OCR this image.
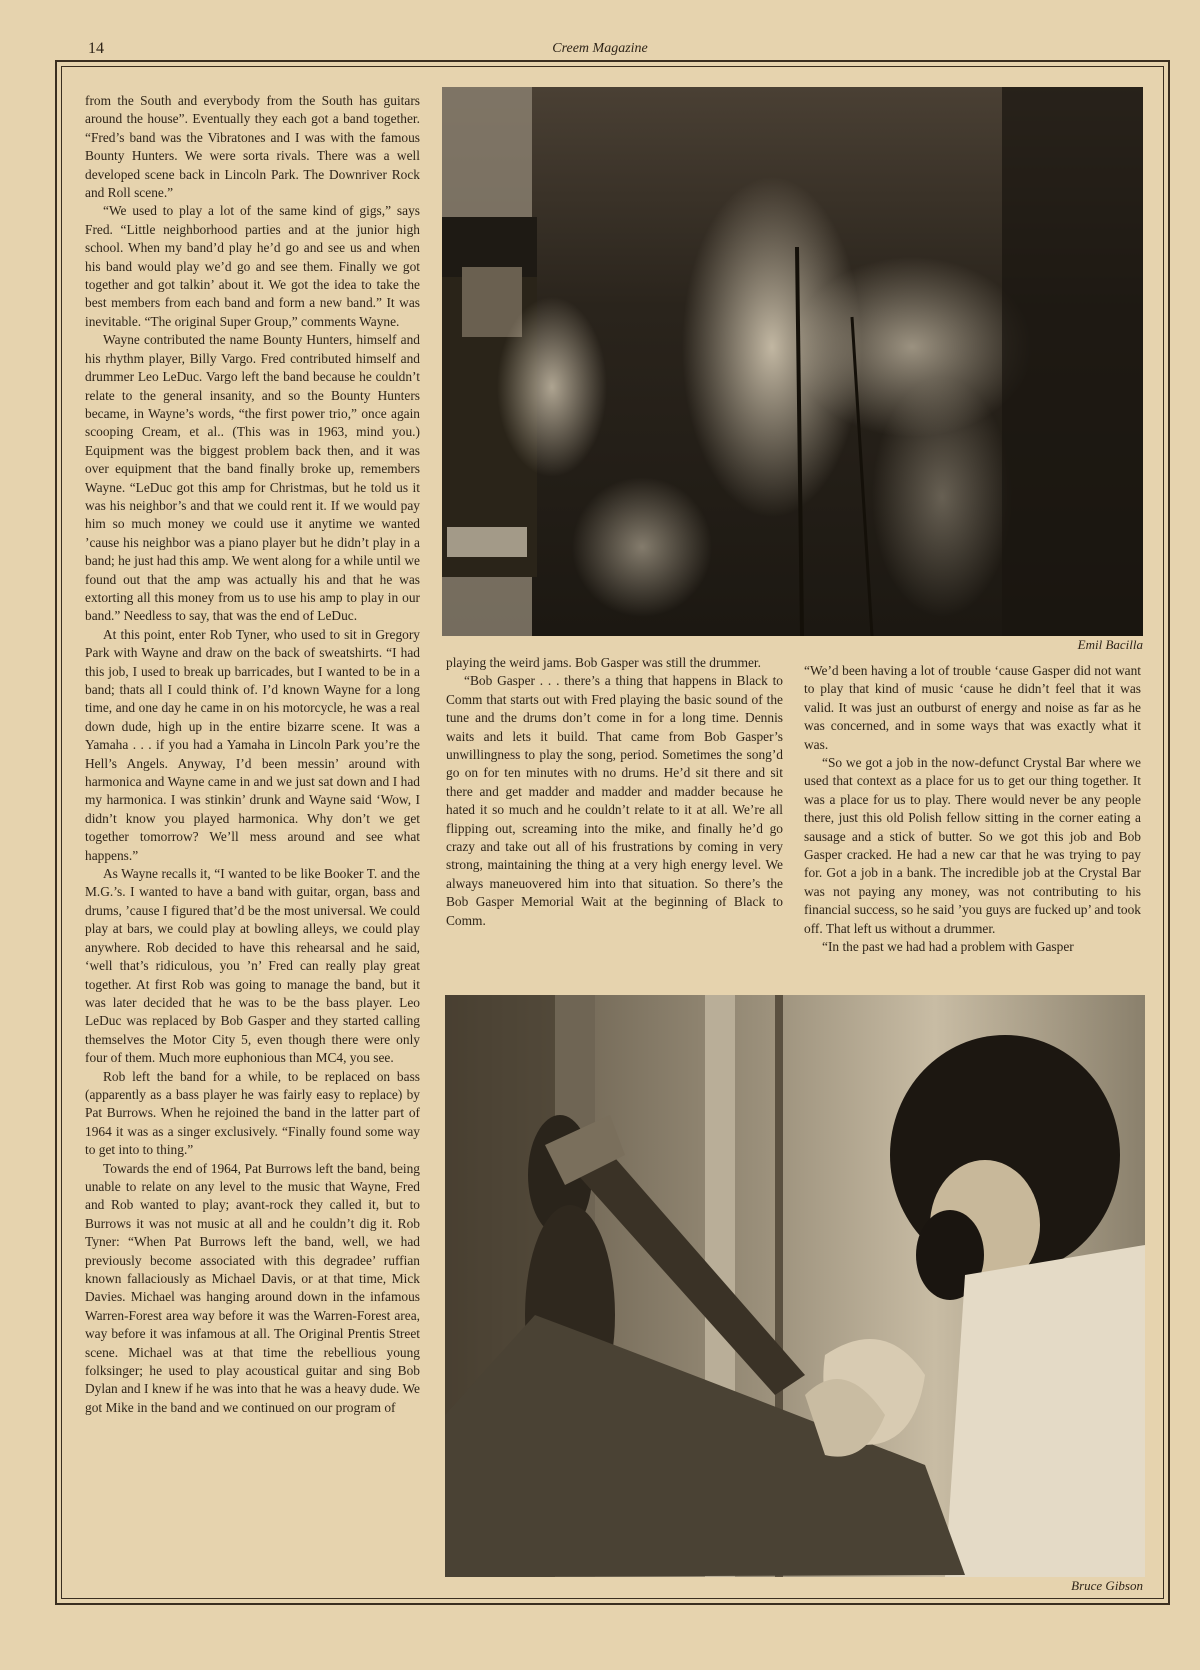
14	Creem Magazine

from the South and everybody from the South has guitars around the house”. Eventually they each got a band together. “Fred’s band was the Vibratones and I was with the famous Bounty Hunters. We were sorta rivals. There was a well developed scene back in Lincoln Park. The Downriver Rock and Roll scene.”

“We used to play a lot of the same kind of gigs,” says Fred. “Little neighborhood parties and at the junior high school. When my band’d play he’d go and see us and when his band would play we’d go and see them. Finally we got together and got talkin’ about it. We got the idea to take the best members from each band and form a new band.” It was inevitable. “The original Super Group,” comments Wayne.

Wayne contributed the name Bounty Hunters, himself and his rhythm player, Billy Vargo. Fred contributed himself and drummer Leo LeDuc. Vargo left the band because he couldn’t relate to the general insanity, and so the Bounty Hunters became, in Wayne’s words, “the first power trio,” once again scooping Cream, et al.. (This was in 1963, mind you.) Equipment was the biggest problem back then, and it was over equipment that the band finally broke up, remembers Wayne. “LeDuc got this amp for Christmas, but he told us it was his neighbor’s and that we could rent it. If we would pay him so much money we could use it anytime we wanted ’cause his neighbor was a piano player but he didn’t play in a band; he just had this amp. We went along for a while until we found out that the amp was actually his and that he was extorting all this money from us to use his amp to play in our band.” Needless to say, that was the end of LeDuc.

At this point, enter Rob Tyner, who used to sit in Gregory Park with Wayne and draw on the back of sweatshirts. “I had this job, I used to break up barricades, but I wanted to be in a band; thats all I could think of. I’d known Wayne for a long time, and one day he came in on his motorcycle, he was a real down dude, high up in the entire bizarre scene. It was a Yamaha . . . if you had a Yamaha in Lincoln Park you’re the Hell’s Angels. Anyway, I’d been messin’ around with harmonica and Wayne came in and we just sat down and I had my harmonica. I was stinkin’ drunk and Wayne said ‘Wow, I didn’t know you played harmonica. Why don’t we get together tomorrow? We’ll mess around and see what happens.”

As Wayne recalls it, “I wanted to be like Booker T. and the M.G.’s. I wanted to have a band with guitar, organ, bass and drums, ’cause I figured that’d be the most universal. We could play at bars, we could play at bowling alleys, we could play anywhere. Rob decided to have this rehearsal and he said, ‘well that’s ridiculous, you ’n’ Fred can really play great together. At first Rob was going to manage the band, but it was later decided that he was to be the bass player. Leo LeDuc was replaced by Bob Gasper and they started calling themselves the Motor City 5, even though there were only four of them. Much more euphonious than MC4, you see.

Rob left the band for a while, to be replaced on bass (apparently as a bass player he was fairly easy to replace) by Pat Burrows. When he rejoined the band in the latter part of 1964 it was as a singer exclusively. “Finally found some way to get into to thing.”

Towards the end of 1964, Pat Burrows left the band, being unable to relate on any level to the music that Wayne, Fred and Rob wanted to play; avant-rock they called it, but to Burrows it was not music at all and he couldn’t dig it. Rob Tyner: “When Pat Burrows left the band, well, we had previously become associated with this degradee’ ruffian known fallaciously as Michael Davis, or at that time, Mick Davies. Michael was hanging around down in the infamous Warren-Forest area way before it was the Warren-Forest area, way before it was infamous at all. The Original Prentis Street scene. Michael was at that time the rebellious young folksinger; he used to play acoustical guitar and sing Bob Dylan and I knew if he was into that he was a heavy dude. We got Mike in the band and we continued on our program of

Emil Bacilla

playing the weird jams. Bob Gasper was still the drummer.

“Bob Gasper . . . there’s a thing that happens in Black to Comm that starts out with Fred playing the basic sound of the tune and the drums don’t come in for a long time. Dennis waits and lets it build. That came from Bob Gasper’s unwillingness to play the song, period. Sometimes the song’d go on for ten minutes with no drums. He’d sit there and sit there and get madder and madder and madder because he hated it so much and he couldn’t relate to it at all. We’re all flipping out, screaming into the mike, and finally he’d go crazy and take out all of his frustrations by coming in very strong, maintaining the thing at a very high energy level. We always maneuovered him into that situation. So there’s the Bob Gasper Memorial Wait at the beginning of Black to Comm.

“We’d been having a lot of trouble ‘cause Gasper did not want to play that kind of music ‘cause he didn’t feel that it was valid. It was just an outburst of energy and noise as far as he was concerned, and in some ways that was exactly what it was.

“So we got a job in the now-defunct Crystal Bar where we used that context as a place for us to get our thing together. It was a place for us to play. There would never be any people there, just this old Polish fellow sitting in the corner eating a sausage and a stick of butter. So we got this job and Bob Gasper cracked. He had a new car that he was trying to pay for. Got a job in a bank. The incredible job at the Crystal Bar was not paying any money, was not contributing to his financial success, so he said ’you guys are fucked up’ and took off. That left us without a drummer.

“In the past we had had a problem with Gasper

Bruce Gibson
